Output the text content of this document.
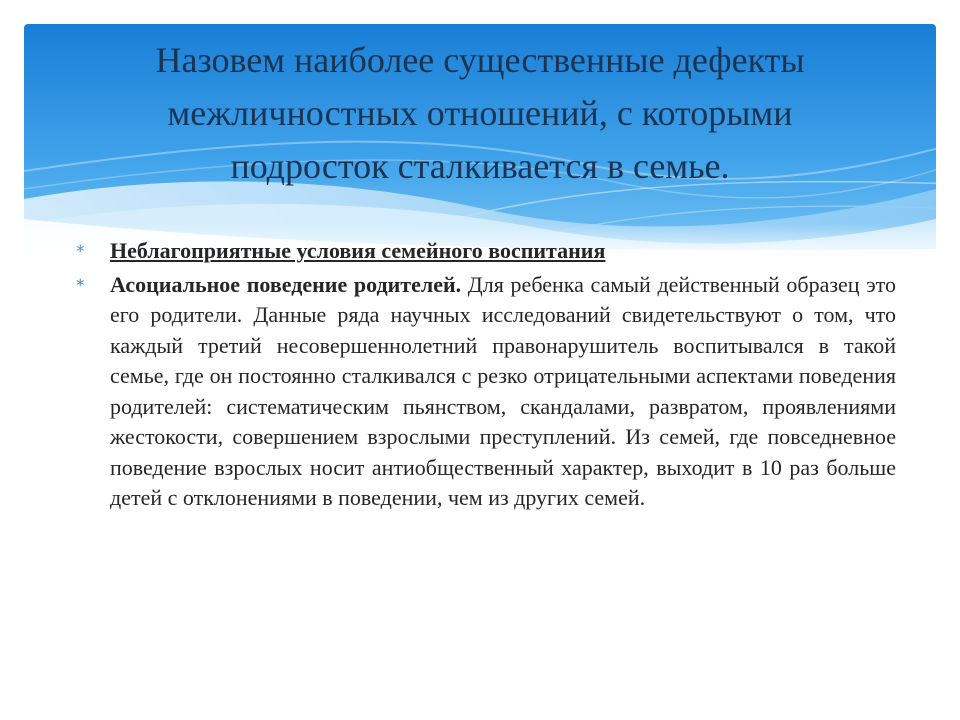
Назовем наиболее существенные дефекты
межличностных отношений, с которыми
подросток сталкивается в семье.
* Неблагоприятные условия семейного воспитания
* Асоциальное поведение родителей. Для ребенка самый действенный образец это его родители. Данные ряда научных исследований свидетельствуют о том, что каждый третий несовершеннолетний правонарушитель воспитывался в такой семье, где он постоянно сталкивался с резко отрицательными аспектами поведения родителей: систематическим пьянством, скандалами, развратом, проявлениями жестокости, совершением взрослыми преступлений. Из семей, где повседневное поведение взрослых носит антиобщественный характер, выходит в 10 раз больше детей с отклонениями в поведении, чем из других семей.
